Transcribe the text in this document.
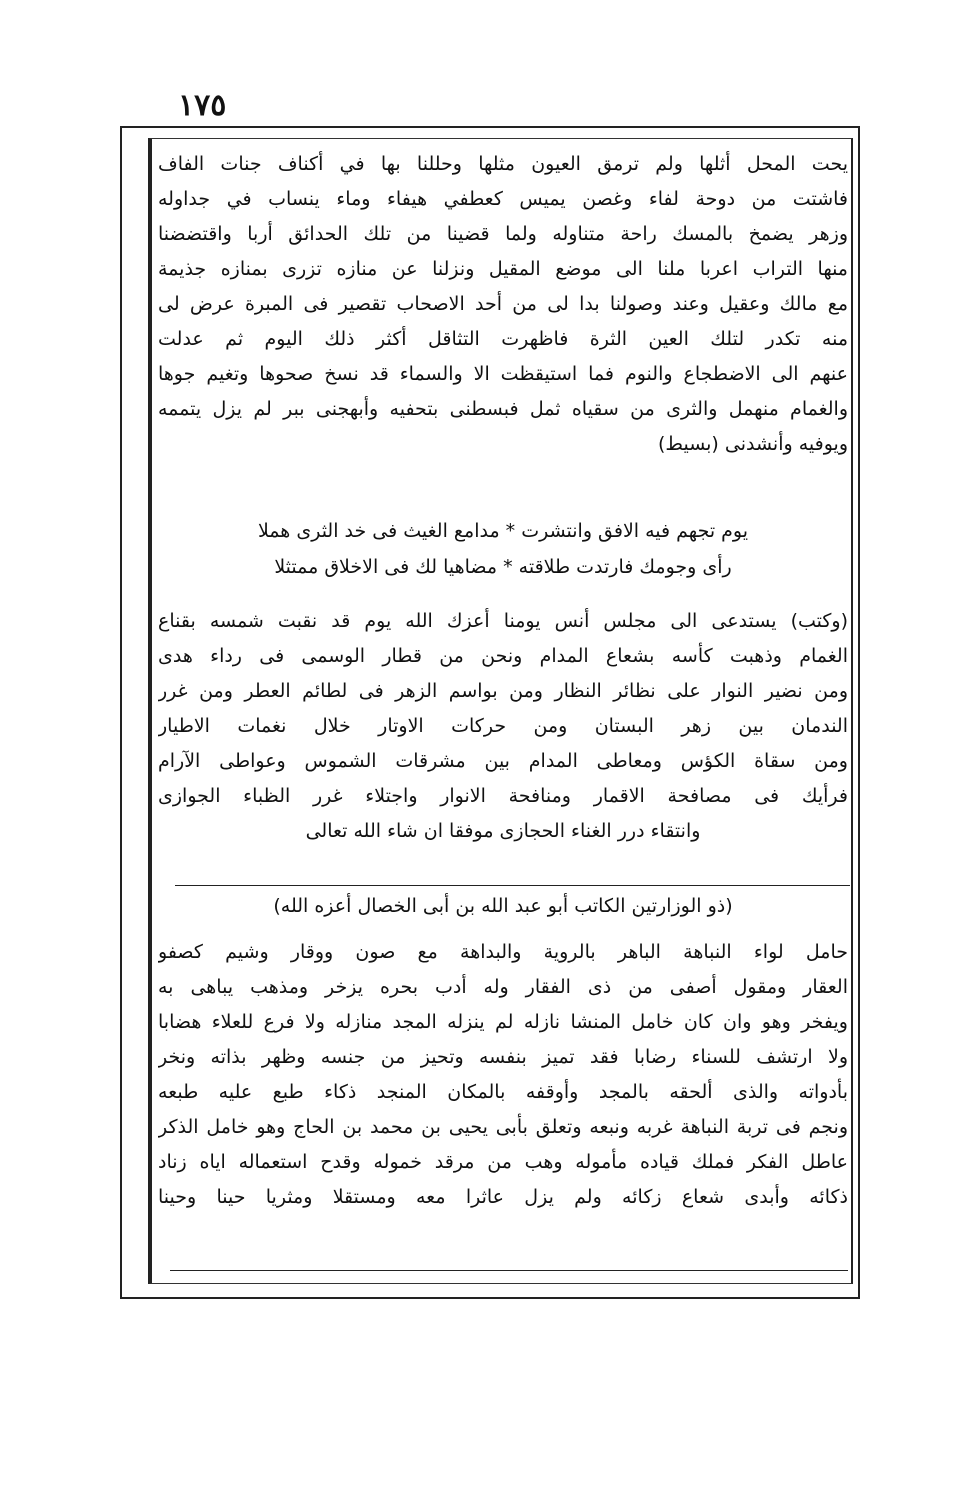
١٧٥
يحت المحل أثلها ولم ترمق العيون مثلها وحللنا بها في أكناف جنات الفاف
فاشتت من دوحة لفاء وغصن يميس كعطفي هيفاء وماء ينساب في جداوله
وزهر يضمخ بالمسك راحة متناوله ولما قضينا من تلك الحدائق أربا واقتضضنا
منها التراب اعربا ملنا الى موضع المقيل ونزلنا عن منازه تزرى بمنازه جذيمة
مع مالك وعقيل وعند وصولنا بدا لى من أحد الاصحاب تقصير فى المبرة عرض لى
منه تكدر لتلك العين الثرة فاظهرت التثاقل أكثر ذلك اليوم ثم عدلت
عنهم الى الاضطجاع والنوم فما استيقظت الا والسماء قد نسخ صحوها وتغيم جوها
والغمام منهمل والثرى من سقياه ثمل فبسطنى بتحفيه وأبهجنى ببر لم يزل يتممه
ويوفيه وأنشدنى (بسيط)
يوم تجهم فيه الافق وانتشرت * مدامع الغيث فى خد الثرى هملا
رأى وجومك فارتدت طلاقته * مضاهيا لك فى الاخلاق ممتثلا
(وكتب) يستدعى الى مجلس أنس يومنا أعزك الله يوم قد نقبت شمسه بقناع
الغمام وذهبت كأسه بشعاع المدام ونحن من قطار الوسمى فى رداء هدى
ومن نضير النوار على نظائر النظار ومن بواسم الزهر فى لطائم العطر ومن غرر
الندمان بين زهر البستان ومن حركات الاوتار خلال نغمات الاطيار
ومن سقاة الكؤس ومعاطى المدام بين مشرقات الشموس وعواطى الآرام
فرأيك فى مصافحة الاقمار ومنافحة الانوار واجتلاء غرر الظباء الجوازى
وانتقاء درر الغناء الحجازى موفقا ان شاء الله تعالى
(ذو الوزارتين الكاتب أبو عبد الله بن أبى الخصال أعزه الله)
حامل لواء النباهة الباهر بالروية والبداهة مع صون ووقار وشيم كصفو
العقار ومقول أصفى من ذى الفقار وله أدب بحره يزخر ومذهب يباهى به
ويفخر وهو وان كان خامل المنشا نازله لم ينزله المجد منازله ولا فرع للعلاء هضابا
ولا ارتشف للسناء رضابا فقد تميز بنفسه وتحيز من جنسه وظهر بذاته ونخر
بأدواته والذى ألحقه بالمجد وأوقفه بالمكان المنجد ذكاء طبع عليه طبعه
ونجم فى تربة النباهة غربه ونبعه وتعلق بأبى يحيى بن محمد بن الحاج وهو خامل الذكر
عاطل الفكر فملك قياده مأموله وهب من مرقد خموله وقدح استعماله اياه زناد
ذكائه وأبدى شعاع زكائه ولم يزل عاثرا معه ومستقلا ومثريا حينا وحينا
